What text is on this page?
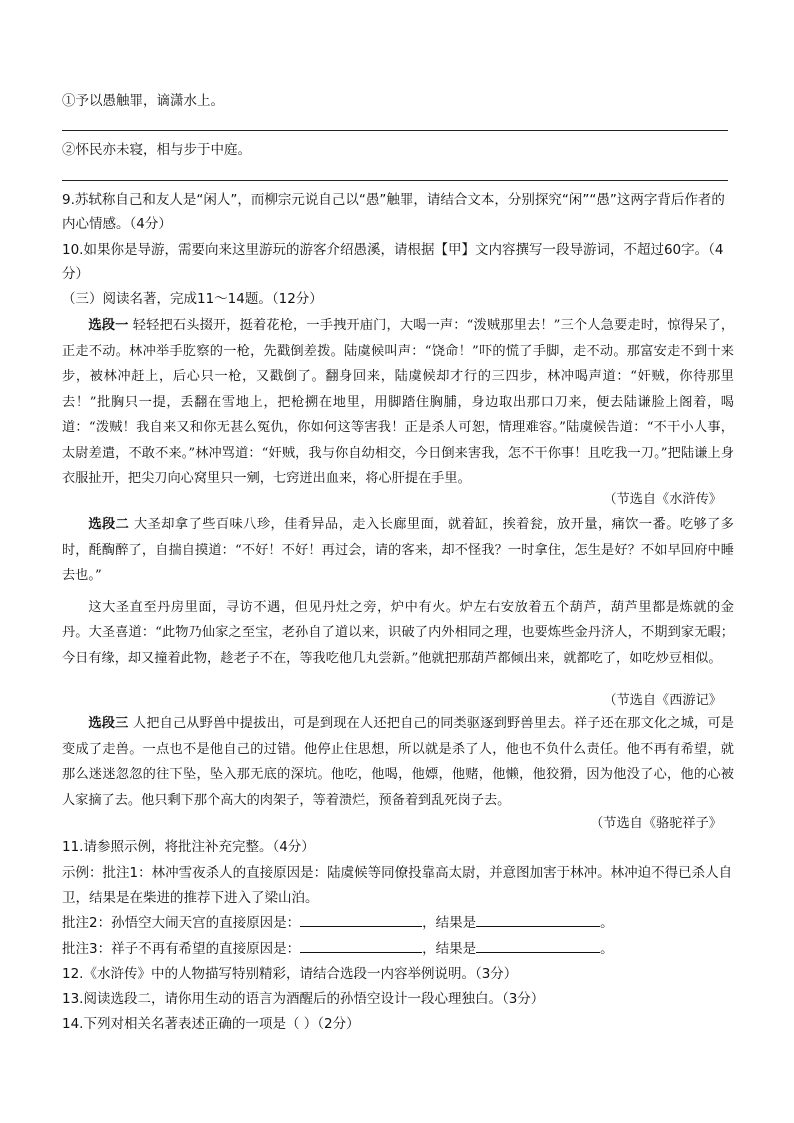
①予以愚触罪，谪潇水上。
②怀民亦未寝，相与步于中庭。
9.苏轼称自己和友人是“闲人”，而柳宗元说自己以“愚”触罪，请结合文本，分别探究“闲”“愚”这两字背后作者的内心情感。（4分）
10.如果你是导游，需要向来这里游玩的游客介绍愚溪，请根据【甲】文内容撰写一段导游词，不超过60字。（4分）
（三）阅读名著，完成11～14题。（12分）

选段一 轻轻把石头掇开，挺着花枪，一手拽开庙门，大喝一声：“泼贼那里去！”三个人急要走时，惊得呆了，正走不动。林冲举手肐察的一枪，先戳倒差拨。陆虞候叫声：“饶命！”吓的慌了手脚，走不动。那富安走不到十来步，被林冲赶上，后心只一枪，又戳倒了。翻身回来，陆虞候却才行的三四步，林冲喝声道：“奸贼，你待那里去！”批胸只一提，丢翻在雪地上，把枪搠在地里，用脚踏住胸脯，身边取出那口刀来，便去陆谦脸上阁着，喝道：“泼贼！我自来又和你无甚么冤仇，你如何这等害我！正是杀人可恕，情理难容。”陆虞候告道：“不干小人事，太尉差遣，不敢不来。”林冲骂道：“奸贼，我与你自幼相交，今日倒来害我，怎不干你事！且吃我一刀。”把陆谦上身衣服扯开，把尖刀向心窝里只一剜，七窍迸出血来，将心肝提在手里。

（节选自《水浒传》

选段二 大圣却拿了些百味八珍，佳肴异品，走入长廊里面，就着缸，挨着瓮，放开量，痛饮一番。吃够了多时，酕醄醉了，自揣自摸道：“不好！不好！再过会，请的客来，却不怪我？一时拿住，怎生是好？不如早回府中睡去也。”

这大圣直至丹房里面，寻访不遇，但见丹灶之旁，炉中有火。炉左右安放着五个葫芦，葫芦里都是炼就的金丹。大圣喜道：“此物乃仙家之至宝，老孙自了道以来，识破了内外相同之理，也要炼些金丹济人，不期到家无暇；今日有缘，却又撞着此物，趁老子不在，等我吃他几丸尝新。”他就把那葫芦都倾出来，就都吃了，如吃炒豆相似。

（节选自《西游记》

选段三 人把自己从野兽中提拔出，可是到现在人还把自己的同类驱逐到野兽里去。祥子还在那文化之城，可是变成了走兽。一点也不是他自己的过错。他停止住思想，所以就是杀了人，他也不负什么责任。他不再有希望，就那么迷迷忽忽的往下坠，坠入那无底的深坑。他吃，他喝，他嫖，他赌，他懒，他狡猾，因为他没了心，他的心被人家摘了去。他只剩下那个高大的肉架子，等着溃烂，预备着到乱死岗子去。

（节选自《骆驼祥子》
11.请参照示例，将批注补充完整。（4分）
示例：批注1：林冲雪夜杀人的直接原因是：陆虞候等同僚投靠高太尉，并意图加害于林冲。林冲迫不得已杀人自卫，结果是在柴进的推荐下进入了梁山泊。
批注2：孙悟空大闹天宫的直接原因是：	，结果是	。
批注3：祥子不再有希望的直接原因是：	，结果是	。
12.《水浒传》中的人物描写特别精彩，请结合选段一内容举例说明。（3分）
13.阅读选段二，请你用生动的语言为酒醒后的孙悟空设计一段心理独白。（3分）
14.下列对相关名著表述正确的一项是（ ）（2分）
